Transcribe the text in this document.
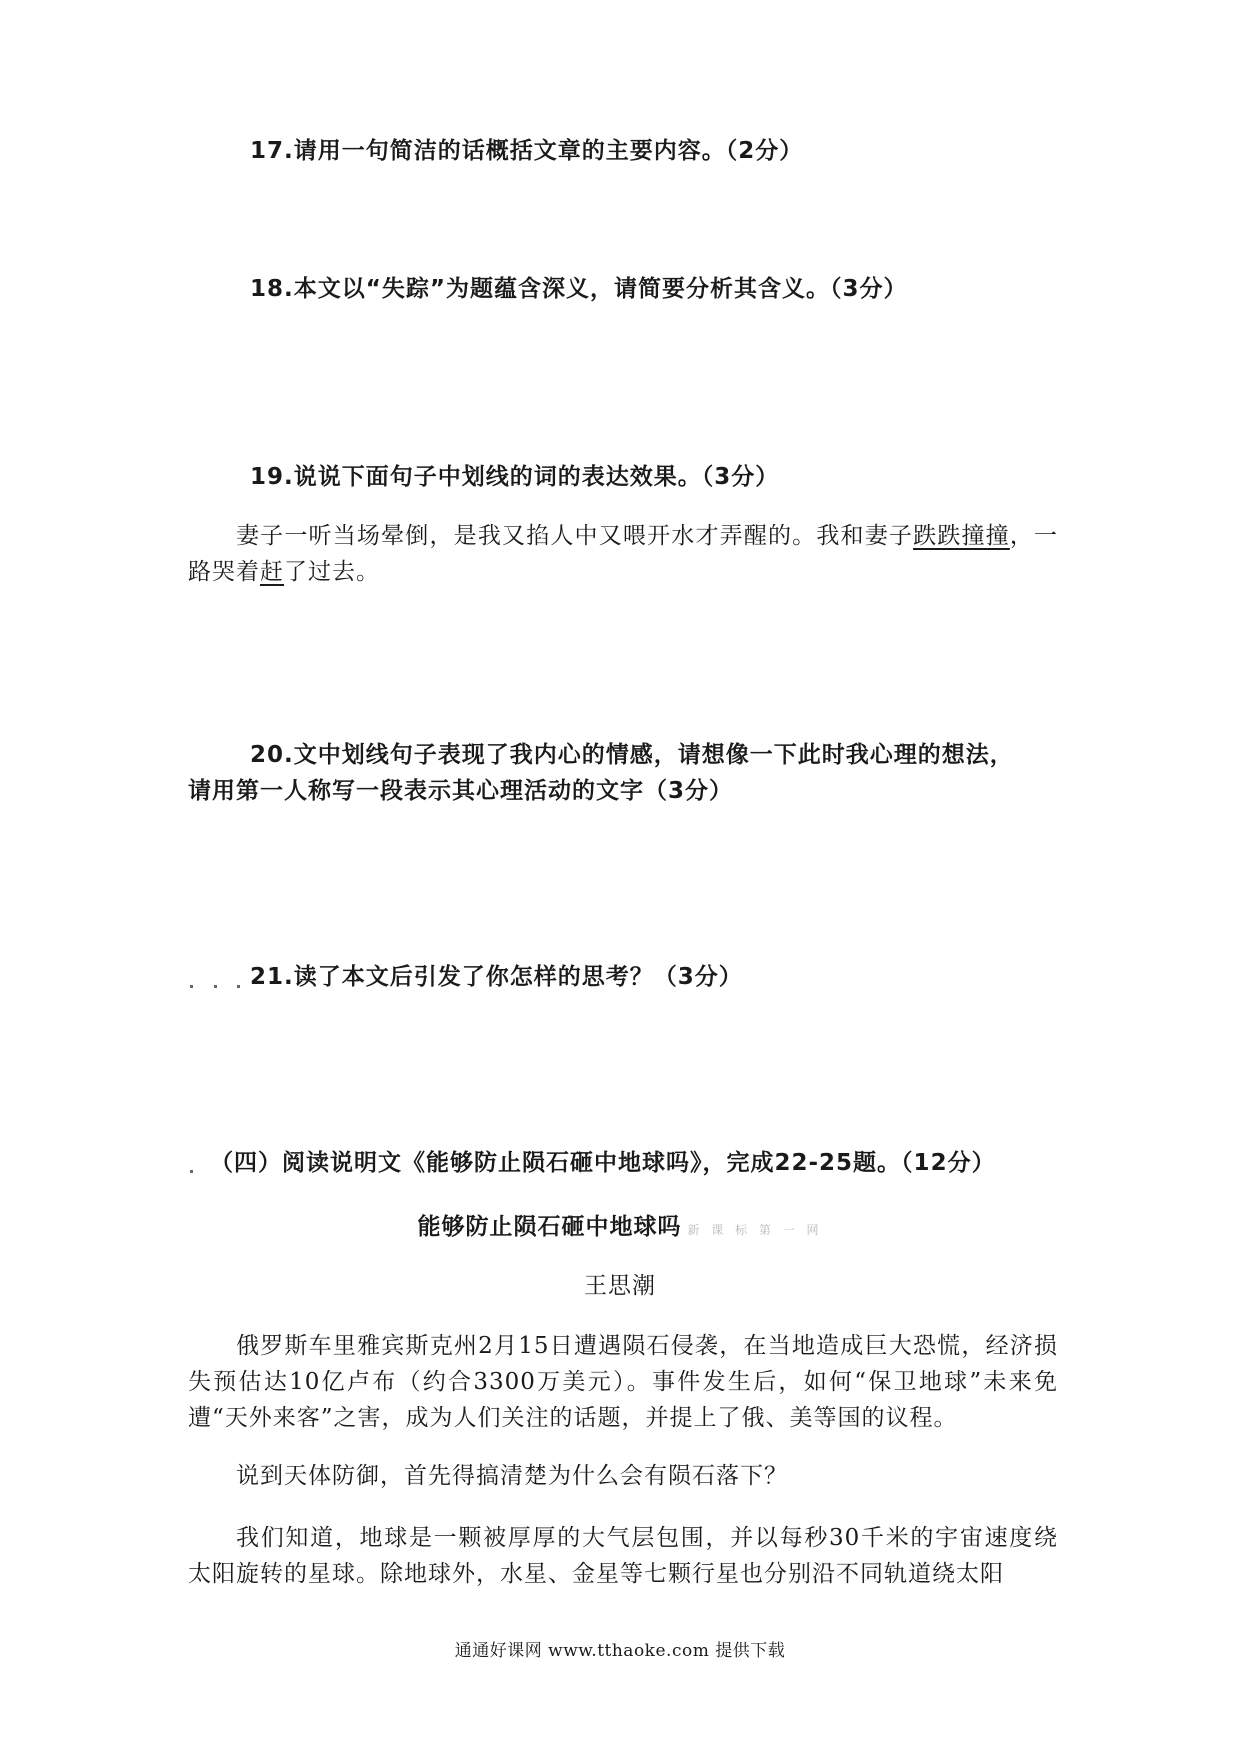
17.请用一句简洁的话概括文章的主要内容。（2分）
18.本文以“失踪”为题蕴含深义，请简要分析其含义。（3分）
19.说说下面句子中划线的词的表达效果。（3分）
妻子一听当场晕倒，是我又掐人中又喂开水才弄醒的。我和妻子跌跌撞撞，一路哭着赶了过去。
20.文中划线句子表现了我内心的情感，请想像一下此时我心理的想法，
请用第一人称写一段表示其心理活动的文字（3分）
21.读了本文后引发了你怎样的思考？（3分）
（四）阅读说明文《能够防止陨石砸中地球吗》，完成22-25题。（12分）
能够防止陨石砸中地球吗 新 课 标 第 一 网
王思潮
俄罗斯车里雅宾斯克州2月15日遭遇陨石侵袭，在当地造成巨大恐慌，经济损失预估达10亿卢布（约合3300万美元）。事件发生后，如何“保卫地球”未来免遭“天外来客”之害，成为人们关注的话题，并提上了俄、美等国的议程。
说到天体防御，首先得搞清楚为什么会有陨石落下？
我们知道，地球是一颗被厚厚的大气层包围，并以每秒30千米的宇宙速度绕太阳旋转的星球。除地球外，水星、金星等七颗行星也分别沿不同轨道绕太阳
通通好课网 www.tthaoke.com 提供下载
